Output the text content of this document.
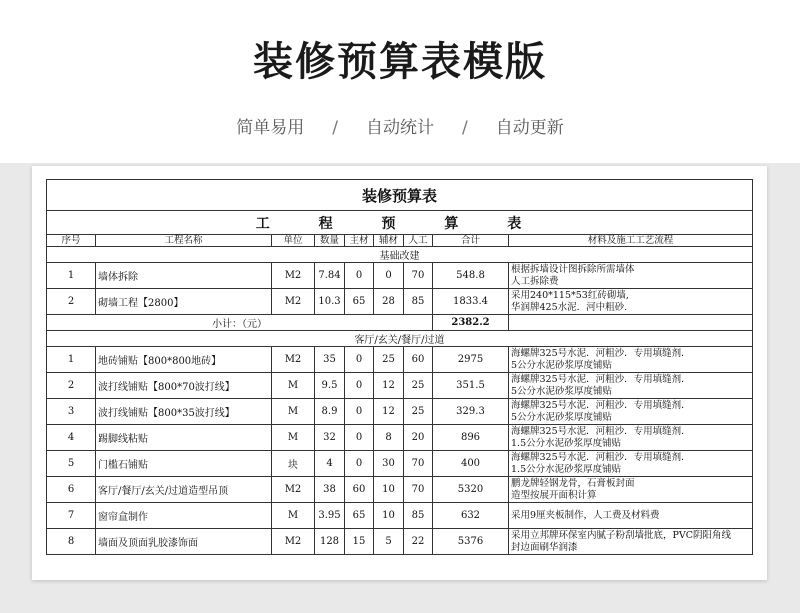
装修预算表模版
简单易用 / 自动统计 / 自动更新
装修预算表								
工 程 预 算 表								
序号	工程名称	单位	数量	主材	辅材	人工	合计	材料及施工工艺流程
基础改建								
1	墙体拆除	M2	7.84	0	0	70	548.8	根据拆墙设计图拆除所需墙体
人工拆除费
2	砌墙工程【2800】	M2	10.3	65	28	85	1833.4	采用240*115*53红砖砌墙,
华润牌425水泥．河中粗砂.
小计：（元）							2382.2	
客厅/玄关/餐厅/过道								
1	地砖铺贴【800*800地砖】	M2	35	0	25	60	2975	海螺牌325号水泥．河粗沙．专用填缝剂．
5公分水泥砂浆厚度铺贴
2	波打线铺贴【800*70波打线】	M	9.5	0	12	25	351.5	海螺牌325号水泥．河粗沙．专用填缝剂．
5公分水泥砂浆厚度铺贴
3	波打线铺贴【800*35波打线】	M	8.9	0	12	25	329.3	海螺牌325号水泥．河粗沙．专用填缝剂．
5公分水泥砂浆厚度铺贴
4	踢脚线粘贴	M	32	0	8	20	896	海螺牌325号水泥．河粗沙．专用填缝剂．
1.5公分水泥砂浆厚度铺贴
5	门槛石铺贴	块	4	0	30	70	400	海螺牌325号水泥．河粗沙．专用填缝剂．
1.5公分水泥砂浆厚度铺贴
6	客厅/餐厅/玄关/过道造型吊顶	M2	38	60	10	70	5320	鹏龙牌轻钢龙骨，石膏板封面
造型按展开面积计算
7	窗帘盒制作	M	3.95	65	10	85	632	采用9厘夹板制作，人工费及材料费
8	墙面及顶面乳胶漆饰面	M2	128	15	5	22	5376	采用立邦牌环保室内腻子粉刮墙批底，PVC阴阳角线
封边面刷华润漆
